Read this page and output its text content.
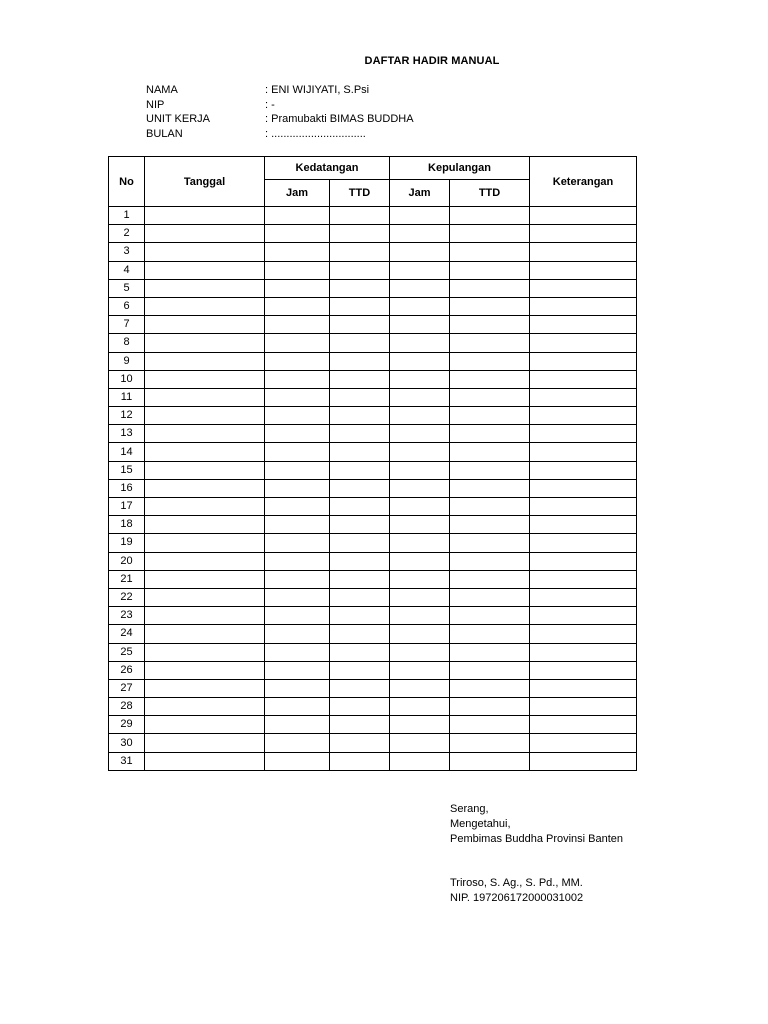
DAFTAR HADIR MANUAL
NAMA	: ENI WIJIYATI, S.Psi
NIP	: -
UNIT KERJA	: Pramubakti BIMAS BUDDHA
BULAN	: ...............................
No	Tanggal	Kedatangan		Kepulangan		Keterangan
		Jam	TTD	Jam	TTD	
1						
2						
3						
4						
5						
6						
7						
8						
9						
10						
11						
12						
13						
14						
15						
16						
17						
18						
19						
20						
21						
22						
23						
24						
25						
26						
27						
28						
29						
30						
31						
Serang,
Mengetahui,
Pembimas Buddha Provinsi Banten
Triroso, S. Ag., S. Pd., MM.
NIP. 197206172000031002
